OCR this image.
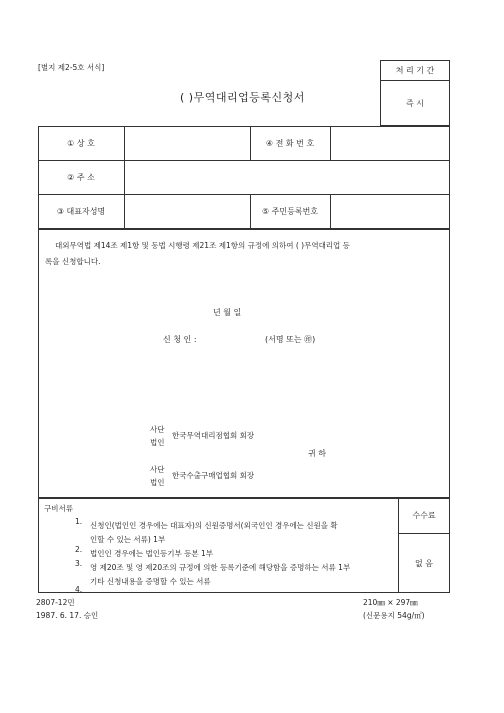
[별지 제2-5호 서식]
( )무역대리업등록신청서
처 리 기 간
즉 시
① 상 호	④ 전 화 번 호
② 주 소
③ 대표자성명	⑤ 주민등록번호
대외무역법 제14조 제1항 및 동법 시행령 제21조 제1항의 규정에 의하여 ( )무역대리업 등
록을 신청합니다.
년 월 일
신 청 인 :	(서명 또는 ㊞)
사단
법인
한국무역대리점협회 회장
귀 하
사단
법인
한국수출구매업협회 회장
구비서류
1. 신청인(법인인 경우에는 대표자)의 신원증명서(외국인인 경우에는 신원을 확
인할 수 있는 서류) 1부
2. 법인인 경우에는 법인등기부 등본 1부
3. 영 제20조 및 영 제20조의 규정에 의한 등록기준에 해당함을 증명하는 서류 1부
기타 신청내용을 증명할 수 있는 서류
4.
수수료
없 음
2807-12민
1987. 6. 17. 승인
210㎜ × 297㎜
(신문용지 54g/㎡)
